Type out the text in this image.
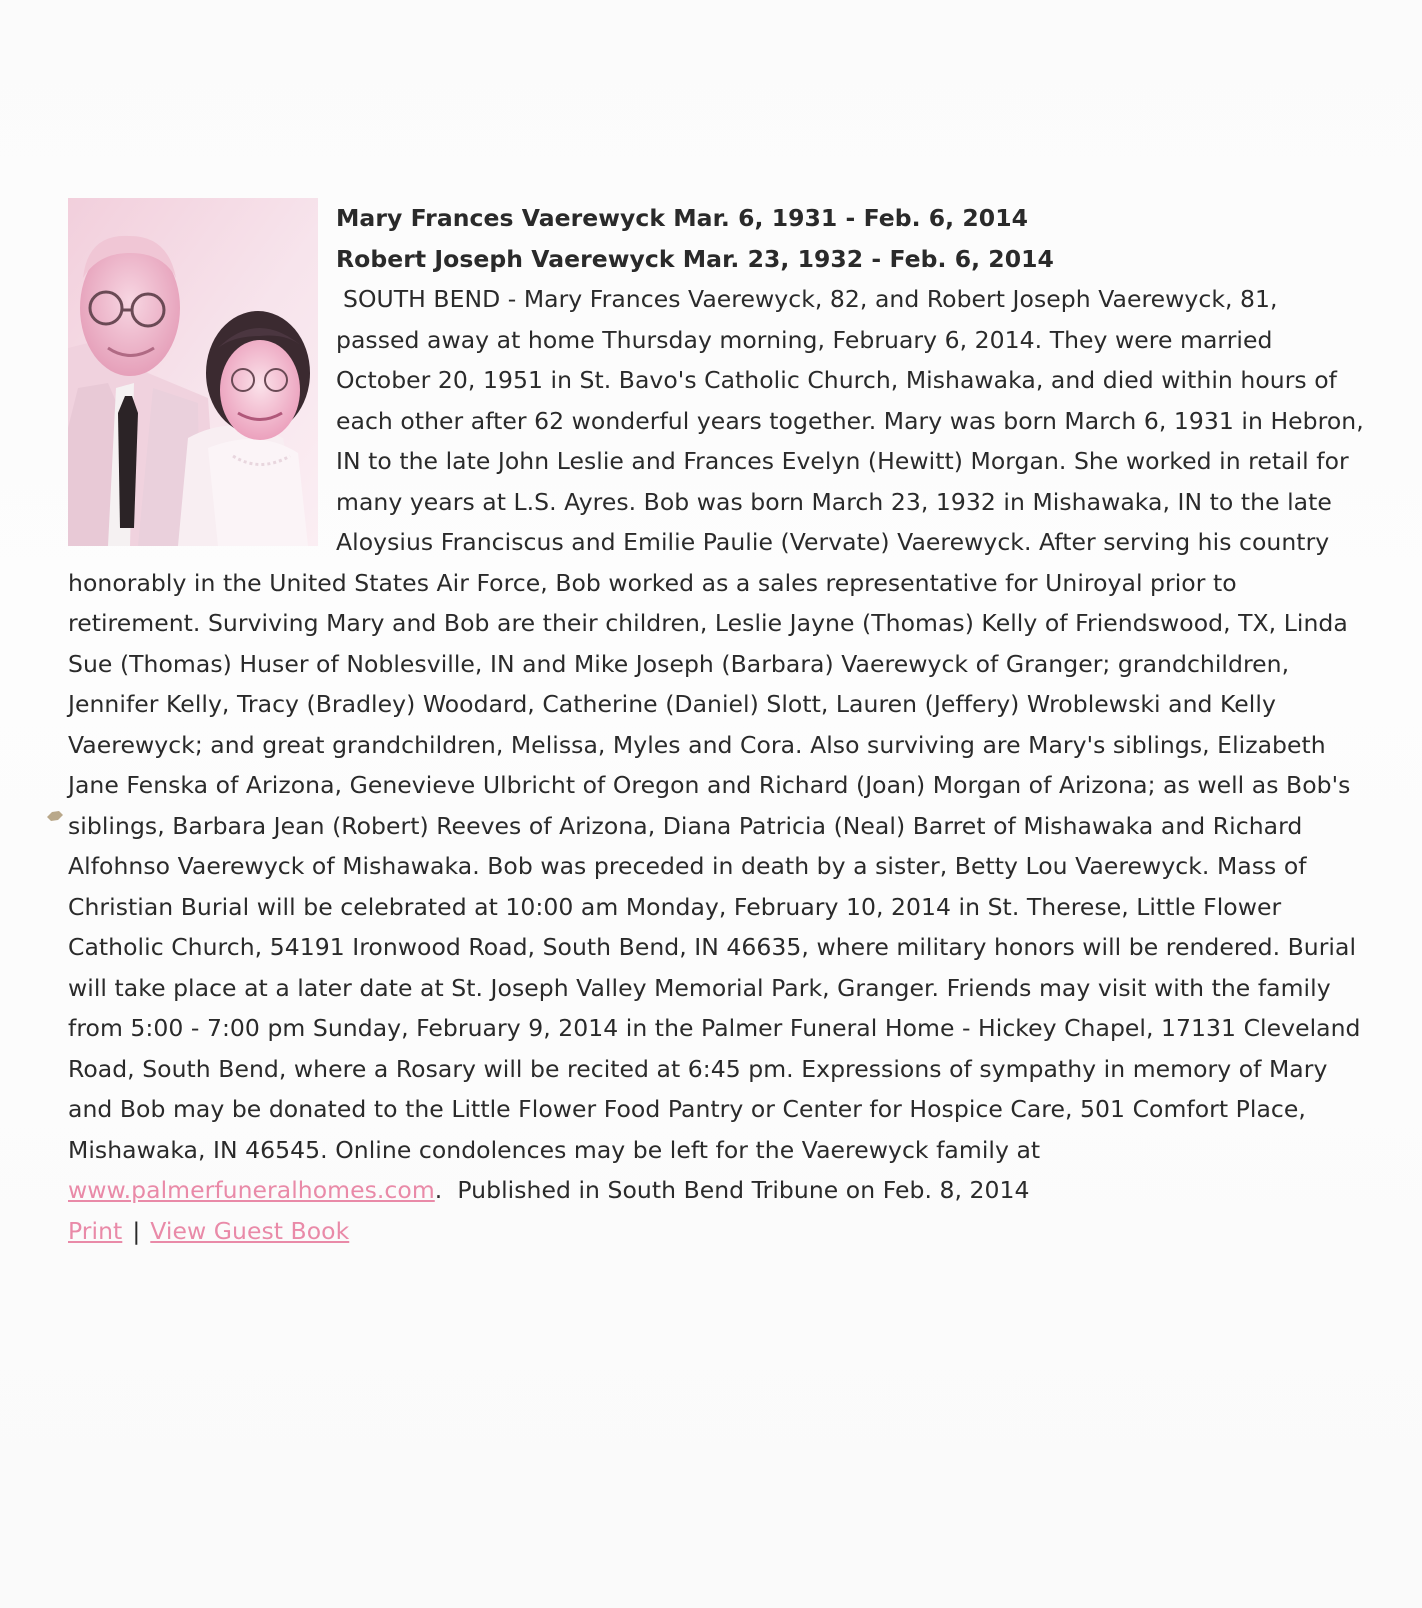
Mary Frances Vaerewyck Mar. 6, 1931 - Feb. 6, 2014
Robert Joseph Vaerewyck Mar. 23, 1932 - Feb. 6, 2014
SOUTH BEND - Mary Frances Vaerewyck, 82, and Robert Joseph Vaerewyck, 81, passed away at home Thursday morning, February 6, 2014. They were married October 20, 1951 in St. Bavo's Catholic Church, Mishawaka, and died within hours of each other after 62 wonderful years together. Mary was born March 6, 1931 in Hebron, IN to the late John Leslie and Frances Evelyn (Hewitt) Morgan. She worked in retail for many years at L.S. Ayres. Bob was born March 23, 1932 in Mishawaka, IN to the late Aloysius Franciscus and Emilie Paulie (Vervate) Vaerewyck. After serving his country honorably in the United States Air Force, Bob worked as a sales representative for Uniroyal prior to retirement. Surviving Mary and Bob are their children, Leslie Jayne (Thomas) Kelly of Friendswood, TX, Linda Sue (Thomas) Huser of Noblesville, IN and Mike Joseph (Barbara) Vaerewyck of Granger; grandchildren, Jennifer Kelly, Tracy (Bradley) Woodard, Catherine (Daniel) Slott, Lauren (Jeffery) Wroblewski and Kelly Vaerewyck; and great grandchildren, Melissa, Myles and Cora. Also surviving are Mary's siblings, Elizabeth Jane Fenska of Arizona, Genevieve Ulbricht of Oregon and Richard (Joan) Morgan of Arizona; as well as Bob's siblings, Barbara Jean (Robert) Reeves of Arizona, Diana Patricia (Neal) Barret of Mishawaka and Richard Alfohnso Vaerewyck of Mishawaka. Bob was preceded in death by a sister, Betty Lou Vaerewyck. Mass of Christian Burial will be celebrated at 10:00 am Monday, February 10, 2014 in St. Therese, Little Flower Catholic Church, 54191 Ironwood Road, South Bend, IN 46635, where military honors will be rendered. Burial will take place at a later date at St. Joseph Valley Memorial Park, Granger. Friends may visit with the family from 5:00 - 7:00 pm Sunday, February 9, 2014 in the Palmer Funeral Home - Hickey Chapel, 17131 Cleveland Road, South Bend, where a Rosary will be recited at 6:45 pm. Expressions of sympathy in memory of Mary and Bob may be donated to the Little Flower Food Pantry or Center for Hospice Care, 501 Comfort Place, Mishawaka, IN 46545. Online condolences may be left for the Vaerewyck family at www.palmerfuneralhomes.com.  Published in South Bend Tribune on Feb. 8, 2014
Print | View Guest Book
